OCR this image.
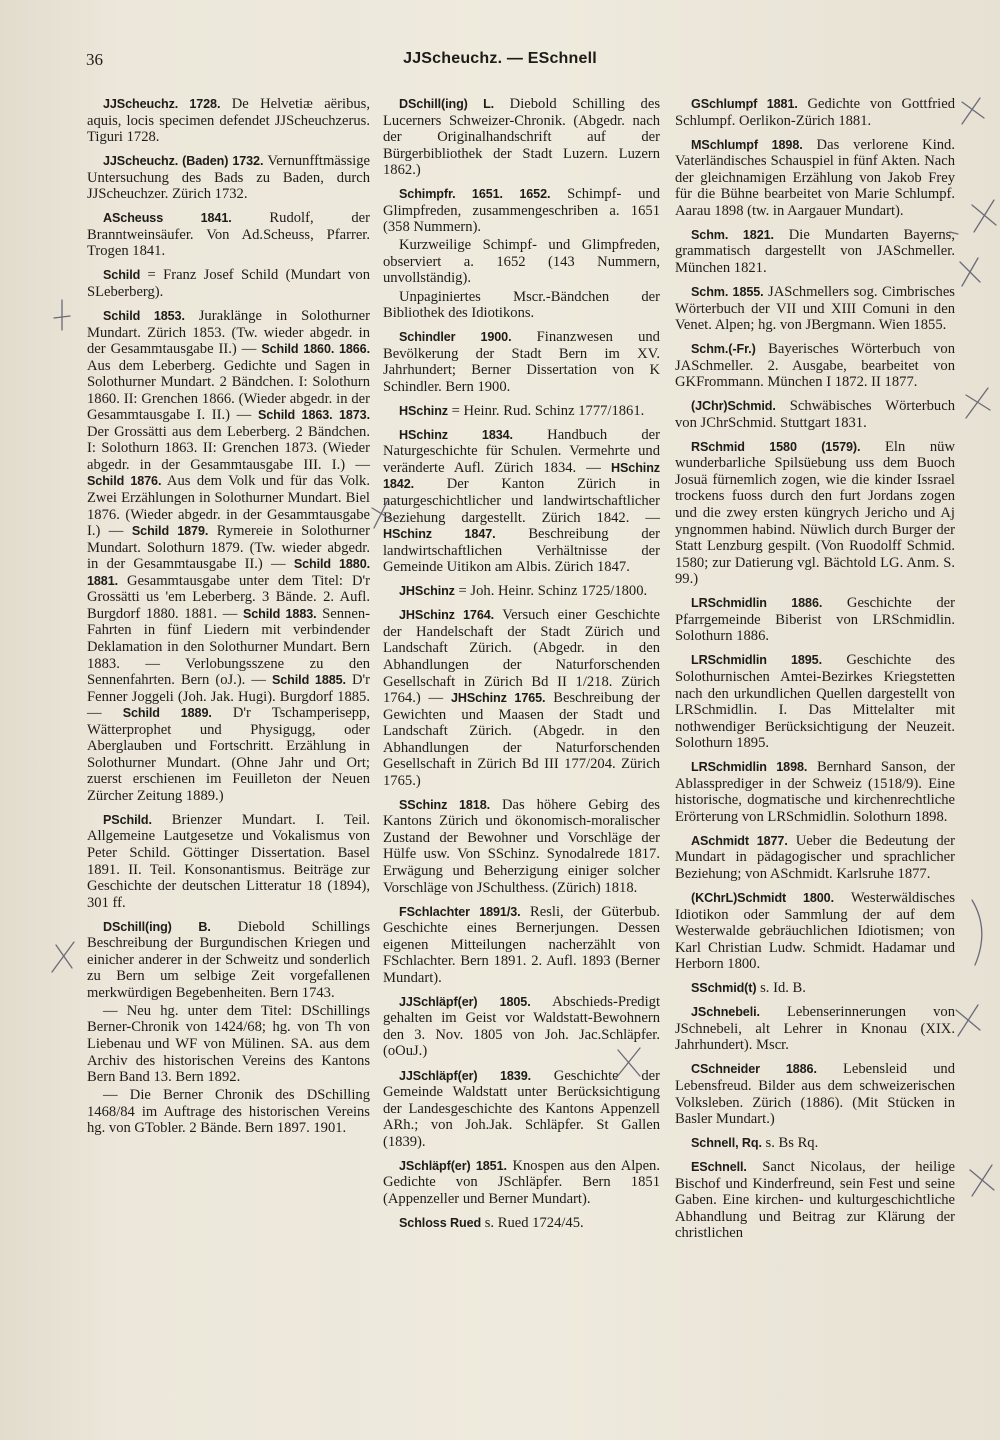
36	JJScheuchz. — ESchnell

JJScheuchz. 1728. De Helvetiæ aëribus, aquis, locis specimen defendet JJScheuchzerus. Tiguri 1728.

JJScheuchz. (Baden) 1732. Vernunfftmässige Untersuchung des Bads zu Baden, durch JJScheuchzer. Zürich 1732.

AScheuss 1841. Rudolf, der Branntweinsäufer. Von Ad.Scheuss, Pfarrer. Trogen 1841.

Schild = Franz Josef Schild (Mundart von SLeberberg).

Schild 1853. Juraklänge in Solothurner Mundart. Zürich 1853. (Tw. wieder abgedr. in der Gesammtausgabe II.) — Schild 1860. 1866. Aus dem Leberberg. Gedichte und Sagen in Solothurner Mundart. 2 Bändchen. I: Solothurn 1860. II: Grenchen 1866. (Wieder abgedr. in der Gesammtausgabe I. II.) — Schild 1863. 1873. Der Grossätti aus dem Leberberg. 2 Bändchen. I: Solothurn 1863. II: Grenchen 1873. (Wieder abgedr. in der Gesammtausgabe III. I.) — Schild 1876. Aus dem Volk und für das Volk. Zwei Erzählungen in Solothurner Mundart. Biel 1876. (Wieder abgedr. in der Gesammtausgabe I.) — Schild 1879. Rymereie in Solothurner Mundart. Solothurn 1879. (Tw. wieder abgedr. in der Gesammtausgabe II.) — Schild 1880. 1881. Gesammtausgabe unter dem Titel: D'r Grossätti us 'em Leberberg. 3 Bände. 2. Aufl. Burgdorf 1880. 1881. — Schild 1883. Sennen-Fahrten in fünf Liedern mit verbindender Deklamation in den Solothurner Mundart. Bern 1883. — Verlobungsszene zu den Sennenfahrten. Bern (oJ.). — Schild 1885. D'r Fenner Joggeli (Joh. Jak. Hugi). Burgdorf 1885. — Schild 1889. D'r Tschamperisepp, Wätterprophet und Physigugg, oder Aberglauben und Fortschritt. Erzählung in Solothurner Mundart. (Ohne Jahr und Ort; zuerst erschienen im Feuilleton der Neuen Zürcher Zeitung 1889.)

PSchild. Brienzer Mundart. I. Teil. Allgemeine Lautgesetze und Vokalismus von Peter Schild. Göttinger Dissertation. Basel 1891. II. Teil. Konsonantismus. Beiträge zur Geschichte der deutschen Litteratur 18 (1894), 301 ff.

DSchill(ing) B. Diebold Schillings Beschreibung der Burgundischen Kriegen und einicher anderer in der Schweitz und sonderlich zu Bern um selbige Zeit vorgefallenen merkwürdigen Begebenheiten. Bern 1743.

— Neu hg. unter dem Titel: DSchillings Berner-Chronik von 1424/68; hg. von Th von Liebenau und WF von Mülinen. SA. aus dem Archiv des historischen Vereins des Kantons Bern Band 13. Bern 1892.

— Die Berner Chronik des DSchilling 1468/84 im Auftrage des historischen Vereins hg. von GTobler. 2 Bände. Bern 1897. 1901.

DSchill(ing) L. Diebold Schilling des Lucerners Schweizer-Chronik. (Abgedr. nach der Originalhandschrift auf der Bürgerbibliothek der Stadt Luzern. Luzern 1862.)

Schimpfr. 1651. 1652. Schimpf- und Glimpfreden, zusammengeschriben a. 1651 (358 Nummern).

Kurzweilige Schimpf- und Glimpfreden, observiert a. 1652 (143 Nummern, unvollständig).

Unpaginiertes Mscr.-Bändchen der Bibliothek des Idiotikons.

Schindler 1900. Finanzwesen und Bevölkerung der Stadt Bern im XV. Jahrhundert; Berner Dissertation von K Schindler. Bern 1900.

HSchinz = Heinr. Rud. Schinz 1777/1861.

HSchinz 1834. Handbuch der Naturgeschichte für Schulen. Vermehrte und veränderte Aufl. Zürich 1834. — HSchinz 1842. Der Kanton Zürich in naturgeschichtlicher und landwirtschaftlicher Beziehung dargestellt. Zürich 1842. — HSchinz 1847. Beschreibung der landwirtschaftlichen Verhältnisse der Gemeinde Uitikon am Albis. Zürich 1847.

JHSchinz = Joh. Heinr. Schinz 1725/1800.

JHSchinz 1764. Versuch einer Geschichte der Handelschaft der Stadt Zürich und Landschaft Zürich. (Abgedr. in den Abhandlungen der Naturforschenden Gesellschaft in Zürich Bd II 1/218. Zürich 1764.) — JHSchinz 1765. Beschreibung der Gewichten und Maasen der Stadt und Landschaft Zürich. (Abgedr. in den Abhandlungen der Naturforschenden Gesellschaft in Zürich Bd III 177/204. Zürich 1765.)

SSchinz 1818. Das höhere Gebirg des Kantons Zürich und ökonomisch-moralischer Zustand der Bewohner und Vorschläge der Hülfe usw. Von SSchinz. Synodalrede 1817. Erwägung und Beherzigung einiger solcher Vorschläge von JSchulthess. (Zürich) 1818.

FSchlachter 1891/3. Resli, der Güterbub. Geschichte eines Bernerjungen. Dessen eigenen Mitteilungen nacherzählt von FSchlachter. Bern 1891. 2. Aufl. 1893 (Berner Mundart).

JJSchläpf(er) 1805. Abschieds-Predigt gehalten im Geist vor Waldstatt-Bewohnern den 3. Nov. 1805 von Joh. Jac.Schläpfer. (oOuJ.)

JJSchläpf(er) 1839. Geschichte der Gemeinde Waldstatt unter Berücksichtigung der Landesgeschichte des Kantons Appenzell ARh.; von Joh.Jak. Schläpfer. St Gallen (1839).

JSchläpf(er) 1851. Knospen aus den Alpen. Gedichte von JSchläpfer. Bern 1851 (Appenzeller und Berner Mundart).

Schloss Rued s. Rued 1724/45.

GSchlumpf 1881. Gedichte von Gottfried Schlumpf. Oerlikon-Zürich 1881.

MSchlumpf 1898. Das verlorene Kind. Vaterländisches Schauspiel in fünf Akten. Nach der gleichnamigen Erzählung von Jakob Frey für die Bühne bearbeitet von Marie Schlumpf. Aarau 1898 (tw. in Aargauer Mundart).

Schm. 1821. Die Mundarten Bayerns, grammatisch dargestellt von JASchmeller. München 1821.

Schm. 1855. JASchmellers sog. Cimbrisches Wörterbuch der VII und XIII Comuni in den Venet. Alpen; hg. von JBergmann. Wien 1855.

Schm.(-Fr.) Bayerisches Wörterbuch von JASchmeller. 2. Ausgabe, bearbeitet von GKFrommann. München I 1872. II 1877.

(JChr)Schmid. Schwäbisches Wörterbuch von JChrSchmid. Stuttgart 1831.

RSchmid 1580 (1579). Eln nüw wunderbarliche Spilsüebung uss dem Buoch Josuä fürnemlich zogen, wie die kinder Issrael trockens fuoss durch den furt Jordans zogen und die zwey ersten küngrych Jericho und Aj yngnommen habind. Nüwlich durch Burger der Statt Lenzburg gespilt. (Von Ruodolff Schmid. 1580; zur Datierung vgl. Bächtold LG. Anm. S. 99.)

LRSchmidlin 1886. Geschichte der Pfarrgemeinde Biberist von LRSchmidlin. Solothurn 1886.

LRSchmidlin 1895. Geschichte des Solothurnischen Amtei-Bezirkes Kriegstetten nach den urkundlichen Quellen dargestellt von LRSchmidlin. I. Das Mittelalter mit nothwendiger Berücksichtigung der Neuzeit. Solothurn 1895.

LRSchmidlin 1898. Bernhard Sanson, der Ablassprediger in der Schweiz (1518/9). Eine historische, dogmatische und kirchenrechtliche Erörterung von LRSchmidlin. Solothurn 1898.

ASchmidt 1877. Ueber die Bedeutung der Mundart in pädagogischer und sprachlicher Beziehung; von ASchmidt. Karlsruhe 1877.

(KChrL)Schmidt 1800. Westerwäldisches Idiotikon oder Sammlung der auf dem Westerwalde gebräuchlichen Idiotismen; von Karl Christian Ludw. Schmidt. Hadamar und Herborn 1800.

SSchmid(t) s. Id. B.

JSchnebeli. Lebenserinnerungen von JSchnebeli, alt Lehrer in Knonau (XIX. Jahrhundert). Mscr.

CSchneider 1886. Lebensleid und Lebensfreud. Bilder aus dem schweizerischen Volksleben. Zürich (1886). (Mit Stücken in Basler Mundart.)

Schnell, Rq. s. Bs Rq.

ESchnell. Sanct Nicolaus, der heilige Bischof und Kinderfreund, sein Fest und seine Gaben. Eine kirchen- und kulturgeschichtliche Abhandlung und Beitrag zur Klärung der christlichen
